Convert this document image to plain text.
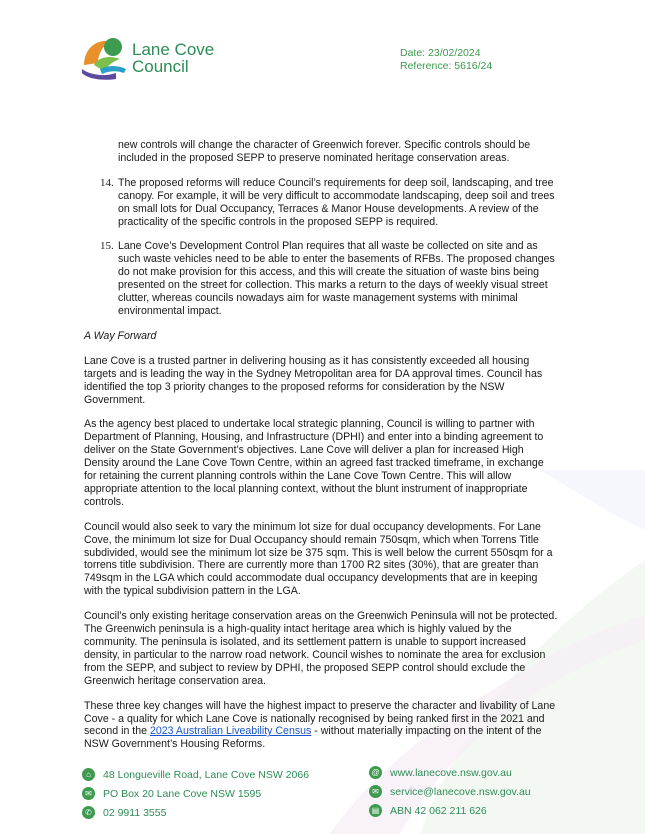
Lane Cove
Council
Date: 23/02/2024
Reference: 5616/24

new controls will change the character of Greenwich forever. Specific controls should be included in the proposed SEPP to preserve nominated heritage conservation areas.

14. The proposed reforms will reduce Council’s requirements for deep soil, landscaping, and tree canopy. For example, it will be very difficult to accommodate landscaping, deep soil and trees on small lots for Dual Occupancy, Terraces & Manor House developments. A review of the practicality of the specific controls in the proposed SEPP is required.
15. Lane Cove’s Development Control Plan requires that all waste be collected on site and as such waste vehicles need to be able to enter the basements of RFBs. The proposed changes do not make provision for this access, and this will create the situation of waste bins being presented on the street for collection. This marks a return to the days of weekly visual street clutter, whereas councils nowadays aim for waste management systems with minimal environmental impact.

A Way Forward

Lane Cove is a trusted partner in delivering housing as it has consistently exceeded all housing targets and is leading the way in the Sydney Metropolitan area for DA approval times. Council has identified the top 3 priority changes to the proposed reforms for consideration by the NSW Government.

As the agency best placed to undertake local strategic planning, Council is willing to partner with Department of Planning, Housing, and Infrastructure (DPHI) and enter into a binding agreement to deliver on the State Government’s objectives. Lane Cove will deliver a plan for increased High Density around the Lane Cove Town Centre, within an agreed fast tracked timeframe, in exchange for retaining the current planning controls within the Lane Cove Town Centre. This will allow appropriate attention to the local planning context, without the blunt instrument of inappropriate controls.

Council would also seek to vary the minimum lot size for dual occupancy developments. For Lane Cove, the minimum lot size for Dual Occupancy should remain 750sqm, which when Torrens Title subdivided, would see the minimum lot size be 375 sqm. This is well below the current 550sqm for a torrens title subdivision. There are currently more than 1700 R2 sites (30%), that are greater than 749sqm in the LGA which could accommodate dual occupancy developments that are in keeping with the typical subdivision pattern in the LGA.

Council’s only existing heritage conservation areas on the Greenwich Peninsula will not be protected. The Greenwich peninsula is a high-quality intact heritage area which is highly valued by the community. The peninsula is isolated, and its settlement pattern is unable to support increased density, in particular to the narrow road network. Council wishes to nominate the area for exclusion from the SEPP, and subject to review by DPHI, the proposed SEPP control should exclude the Greenwich heritage conservation area.

These three key changes will have the highest impact to preserve the character and livability of Lane Cove - a quality for which Lane Cove is nationally recognised by being ranked first in the 2021 and second in the 2023 Australian Liveability Census - without materially impacting on the intent of the NSW Government’s Housing Reforms.

⌂	48 Longueville Road, Lane Cove NSW 2066
✉	PO Box 20 Lane Cove NSW 1595
✆	02 9911 3555
@ www.lanecove.nsw.gov.au
✉	service@lanecove.nsw.gov.au
▤ ABN 42 062 211 626
